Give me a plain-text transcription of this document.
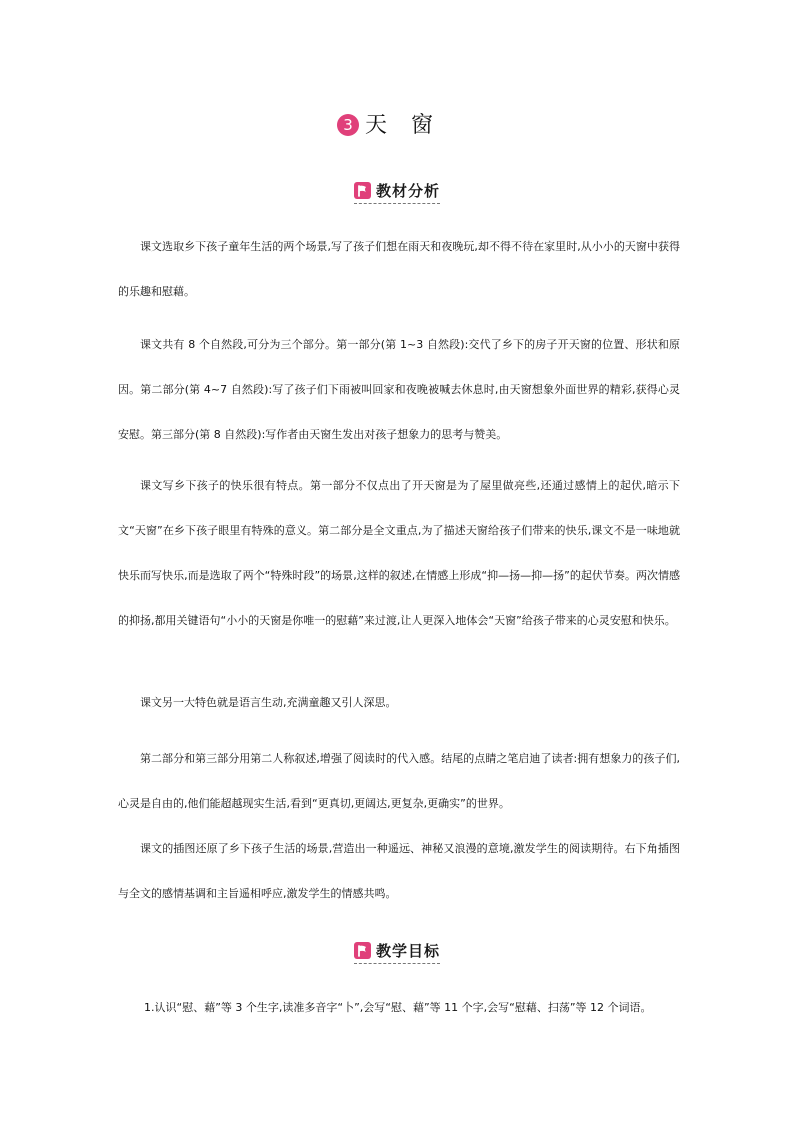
3 天窗
教材分析

课文选取乡下孩子童年生活的两个场景,写了孩子们想在雨天和夜晚玩,却不得不待在家里时,从小小的天窗中获得的乐趣和慰藉。

课文共有 8 个自然段,可分为三个部分。第一部分(第 1~3 自然段):交代了乡下的房子开天窗的位置、形状和原因。第二部分(第 4~7 自然段):写了孩子们下雨被叫回家和夜晚被喊去休息时,由天窗想象外面世界的精彩,获得心灵安慰。第三部分(第 8 自然段):写作者由天窗生发出对孩子想象力的思考与赞美。

课文写乡下孩子的快乐很有特点。第一部分不仅点出了开天窗是为了屋里做亮些,还通过感情上的起伏,暗示下文“天窗”在乡下孩子眼里有特殊的意义。第二部分是全文重点,为了描述天窗给孩子们带来的快乐,课文不是一味地就快乐而写快乐,而是选取了两个“特殊时段”的场景,这样的叙述,在情感上形成“抑—扬—抑—扬”的起伏节奏。两次情感的抑扬,都用关键语句“小小的天窗是你唯一的慰藉”来过渡,让人更深入地体会“天窗”给孩子带来的心灵安慰和快乐。

课文另一大特色就是语言生动,充满童趣又引人深思。

第二部分和第三部分用第二人称叙述,增强了阅读时的代入感。结尾的点睛之笔启迪了读者:拥有想象力的孩子们,心灵是自由的,他们能超越现实生活,看到“更真切,更阔达,更复杂,更确实”的世界。

课文的插图还原了乡下孩子生活的场景,营造出一种遥远、神秘又浪漫的意境,激发学生的阅读期待。右下角插图与全文的感情基调和主旨遥相呼应,激发学生的情感共鸣。

教学目标

1.认识“慰、藉”等 3 个生字,读准多音字“卜”,会写“慰、藉”等 11 个字,会写“慰藉、扫荡”等 12 个词语。
